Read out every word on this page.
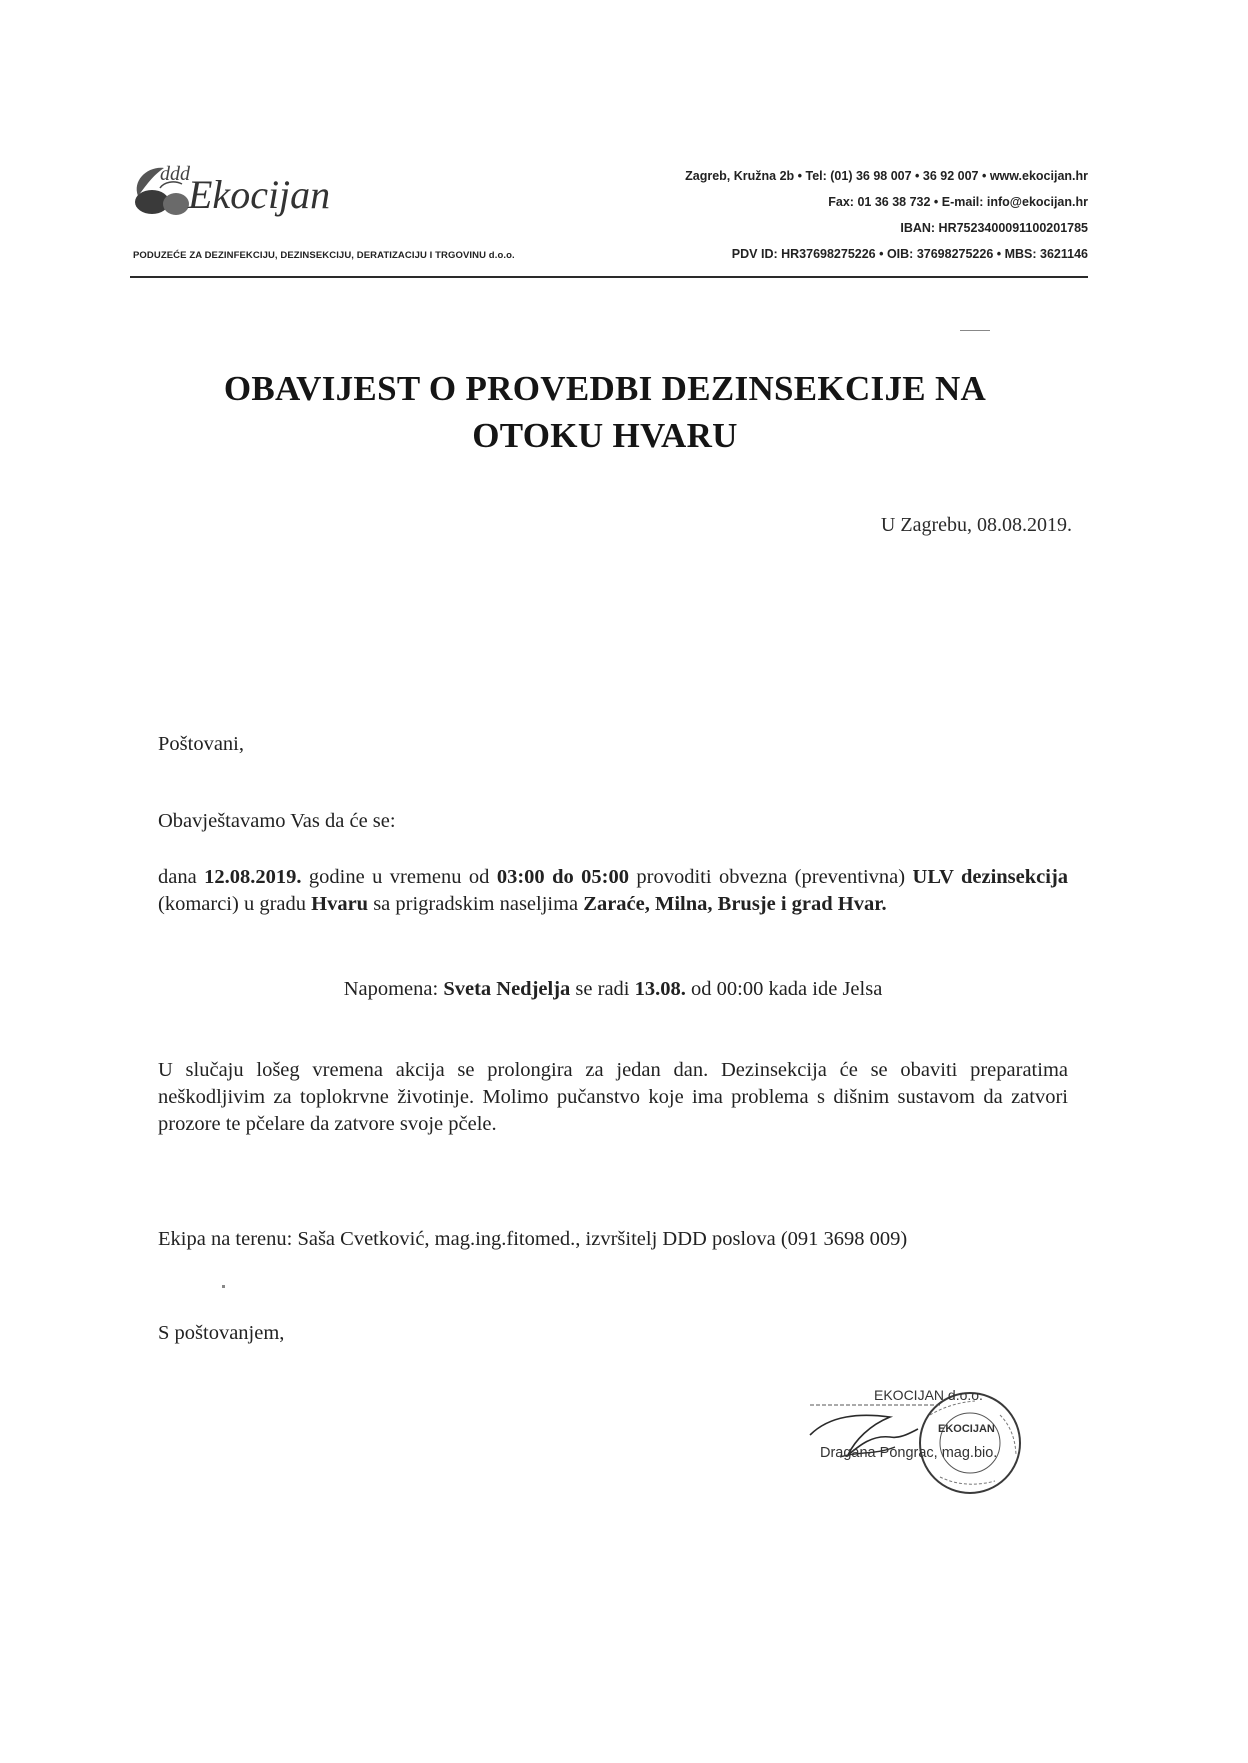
ddd
Ekocijan
PODUZEĆE ZA DEZINFEKCIJU, DEZINSEKCIJU, DERATIZACIJU I TRGOVINU d.o.o.
Zagreb, Kružna 2b • Tel: (01) 36 98 007 • 36 92 007 • www.ekocijan.hr
Fax: 01 36 38 732 • E-mail: info@ekocijan.hr
IBAN: HR7523400091100201785
PDV ID: HR37698275226 • OIB: 37698275226 • MBS: 3621146
OBAVIJEST O PROVEDBI DEZINSEKCIJE NA
OTOKU HVARU
U Zagrebu, 08.08.2019.
Poštovani,
Obavještavamo Vas da će se:
dana 12.08.2019. godine u vremenu od 03:00 do 05:00 provoditi obvezna (preventivna) ULV dezinsekcija (komarci) u gradu Hvaru sa prigradskim naseljima Zaraće, Milna, Brusje i grad Hvar.
Napomena: Sveta Nedjelja se radi 13.08. od 00:00 kada ide Jelsa
U slučaju lošeg vremena akcija se prolongira za jedan dan. Dezinsekcija će se obaviti preparatima neškodljivim za toplokrvne životinje. Molimo pučanstvo koje ima problema s dišnim sustavom da zatvori prozore te pčelare da zatvore svoje pčele.
Ekipa na terenu: Saša Cvetković, mag.ing.fitomed., izvršitelj DDD poslova (091 3698 009)
S poštovanjem,
EKOCIJAN d.o.o.
EKOCIJAN
Dragana Pongrac, mag.bio.
